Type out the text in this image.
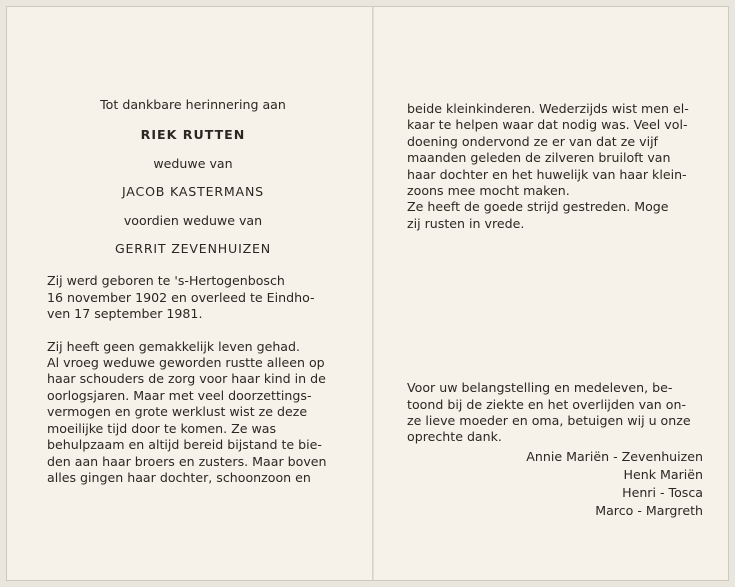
Tot dankbare herinnering aan
RIEK RUTTEN
weduwe van
JACOB KASTERMANS
voordien weduwe van
GERRIT ZEVENHUIZEN

Zij werd geboren te 's-Hertogenbosch

16 november 1902 en overleed te Eindho-

ven 17 september 1981.

Zij heeft geen gemakkelijk leven gehad.

Al vroeg weduwe geworden rustte alleen op

haar schouders de zorg voor haar kind in de

oorlogsjaren. Maar met veel doorzettings-

vermogen en grote werklust wist ze deze

moeilijke tijd door te komen. Ze was

behulpzaam en altijd bereid bijstand te bie-

den aan haar broers en zusters. Maar boven

alles gingen haar dochter, schoonzoon en

beide kleinkinderen. Wederzijds wist men el-

kaar te helpen waar dat nodig was. Veel vol-

doening ondervond ze er van dat ze vijf

maanden geleden de zilveren bruiloft van

haar dochter en het huwelijk van haar klein-

zoons mee mocht maken.

Ze heeft de goede strijd gestreden. Moge

zij rusten in vrede.

Voor uw belangstelling en medeleven, be-

toond bij de ziekte en het overlijden van on-

ze lieve moeder en oma, betuigen wij u onze

oprechte dank.

Annie Mariën - Zevenhuizen
Henk Mariën
Henri - Tosca
Marco - Margreth
